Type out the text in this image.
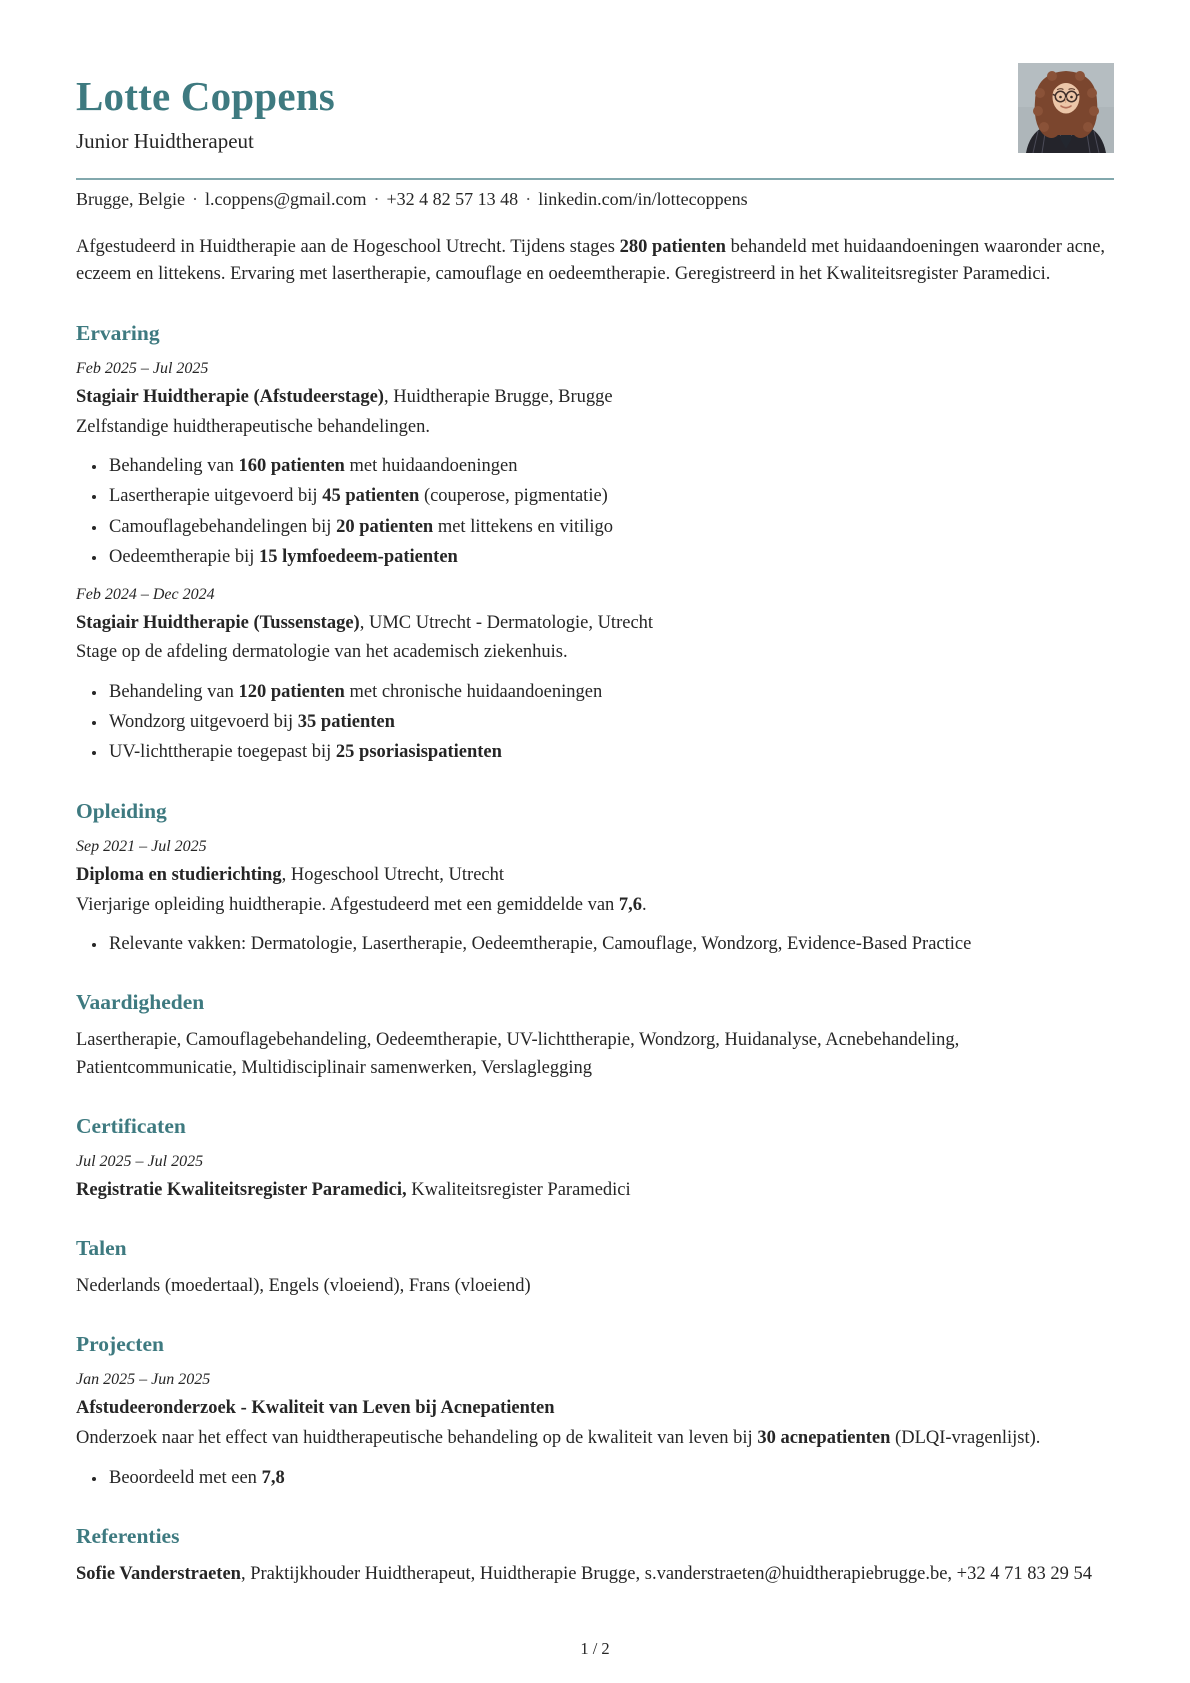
Lotte Coppens
Junior Huidtherapeut
Brugge, Belgie · l.coppens@gmail.com · +32 4 82 57 13 48 · linkedin.com/in/lottecoppens

Afgestudeerd in Huidtherapie aan de Hogeschool Utrecht. Tijdens stages 280 patienten behandeld met huidaandoeningen waaronder acne, eczeem en littekens. Ervaring met lasertherapie, camouflage en oedeemtherapie. Geregistreerd in het Kwaliteitsregister Paramedici.

Ervaring
Feb 2025 – Jul 2025
Stagiair Huidtherapie (Afstudeerstage), Huidtherapie Brugge, Brugge
Zelfstandige huidtherapeutische behandelingen.
• Behandeling van 160 patienten met huidaandoeningen
• Lasertherapie uitgevoerd bij 45 patienten (couperose, pigmentatie)
• Camouflagebehandelingen bij 20 patienten met littekens en vitiligo
• Oedeemtherapie bij 15 lymfoedeem-patienten
Feb 2024 – Dec 2024
Stagiair Huidtherapie (Tussenstage), UMC Utrecht - Dermatologie, Utrecht
Stage op de afdeling dermatologie van het academisch ziekenhuis.
• Behandeling van 120 patienten met chronische huidaandoeningen
• Wondzorg uitgevoerd bij 35 patienten
• UV-lichttherapie toegepast bij 25 psoriasispatienten
Opleiding
Sep 2021 – Jul 2025
Diploma en studierichting, Hogeschool Utrecht, Utrecht
Vierjarige opleiding huidtherapie. Afgestudeerd met een gemiddelde van 7,6.
• Relevante vakken: Dermatologie, Lasertherapie, Oedeemtherapie, Camouflage, Wondzorg, Evidence-Based Practice
Vaardigheden
Lasertherapie, Camouflagebehandeling, Oedeemtherapie, UV-lichttherapie, Wondzorg, Huidanalyse, Acnebehandeling, Patientcommunicatie, Multidisciplinair samenwerken, Verslaglegging
Certificaten
Jul 2025 – Jul 2025
Registratie Kwaliteitsregister Paramedici, Kwaliteitsregister Paramedici
Talen
Nederlands (moedertaal), Engels (vloeiend), Frans (vloeiend)
Projecten
Jan 2025 – Jun 2025
Afstudeeronderzoek - Kwaliteit van Leven bij Acnepatienten
Onderzoek naar het effect van huidtherapeutische behandeling op de kwaliteit van leven bij 30 acnepatienten (DLQI-vragenlijst).
• Beoordeeld met een 7,8
Referenties
Sofie Vanderstraeten, Praktijkhouder Huidtherapeut, Huidtherapie Brugge, s.vanderstraeten@huidtherapiebrugge.be, +32 4 71 83 29 54
1 / 2
